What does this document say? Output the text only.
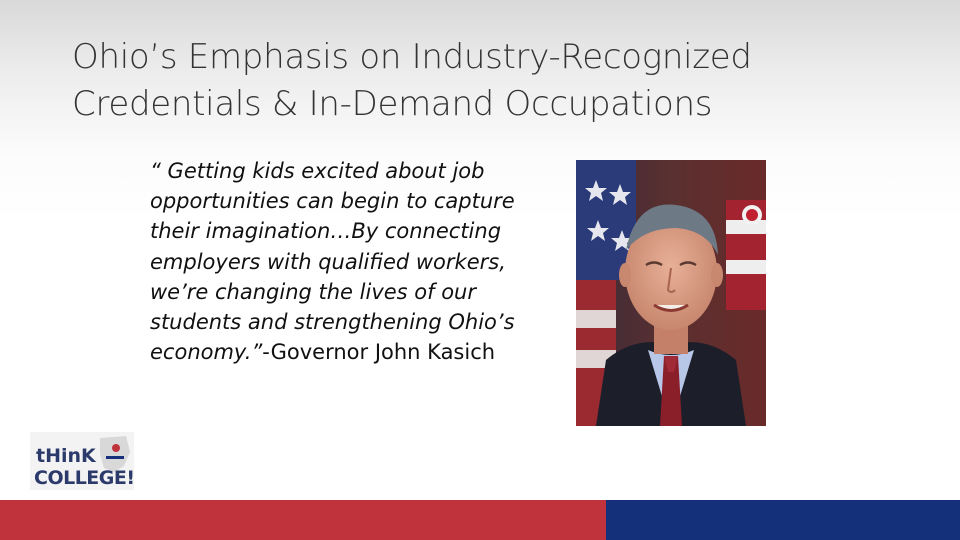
Ohio’s Emphasis on Industry-Recognized
Credentials & In-Demand Occupations
“ Getting kids excited about job opportunities can begin to capture their imagination…By connecting employers with qualified workers, we’re changing the lives of our students and strengthening Ohio’s economy.”-Governor John Kasich
tHinK
COLLEGE!
